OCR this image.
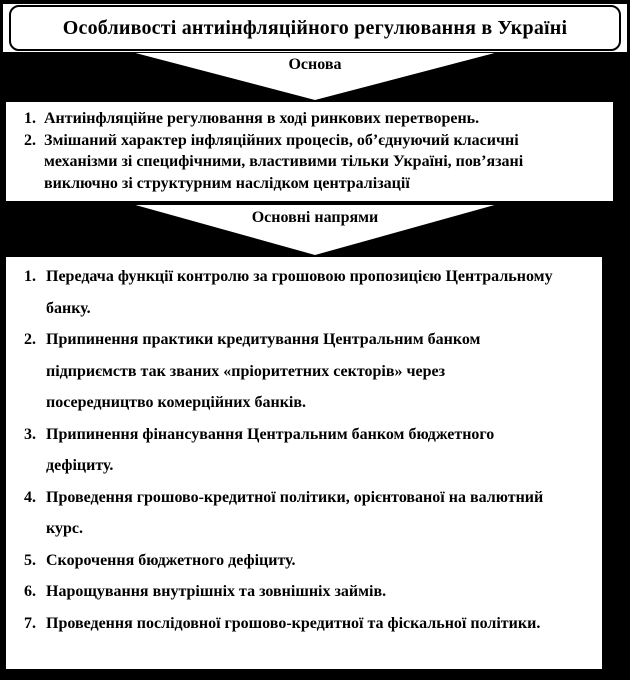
Особливості антиінфляційного регулювання в Україні
Основа
1. Антиінфляційне регулювання в ході ринкових перетворень.
2. Змішаний характер інфляційних процесів, об’єднуючий класичні механізми зі специфічними, властивими тільки Україні, пов’язані виключно зі структурним наслідком централізації
Основні напрями
1. Передача функції контролю за грошовою пропозицією Центральному банку.
2. Припинення практики кредитування Центральним банком підприємств так званих «пріоритетних секторів» через посередництво комерційних банків.
3. Припинення фінансування Центральним банком бюджетного дефіциту.
4. Проведення грошово-кредитної політики, орієнтованої на валютний курс.
5. Скорочення бюджетного дефіциту.
6. Нарощування внутрішніх та зовнішніх займів.
7. Проведення послідовної грошово-кредитної та фіскальної політики.
